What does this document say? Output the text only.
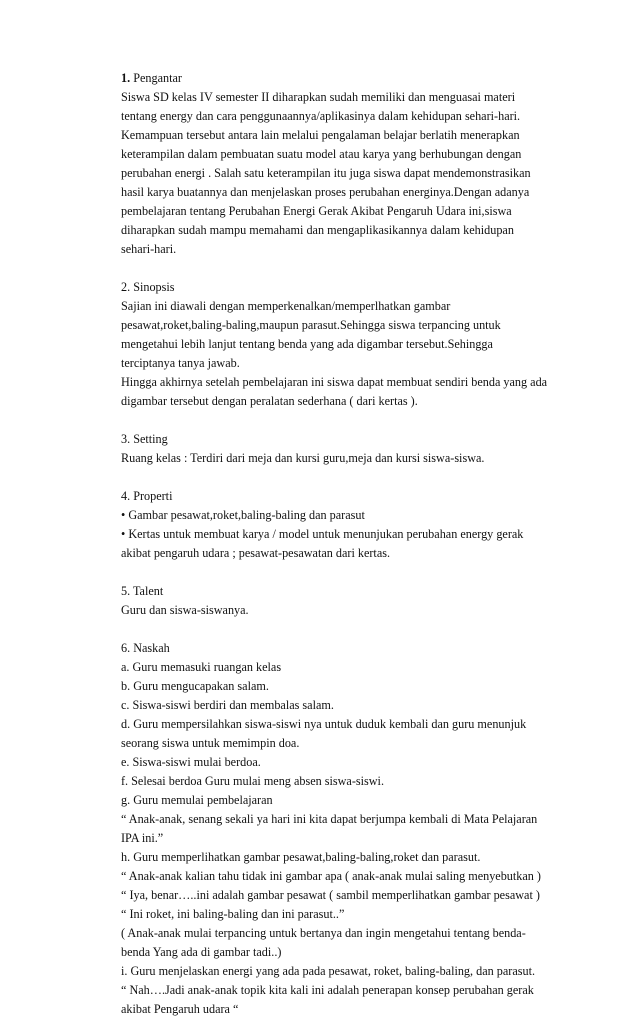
1. Pengantar
Siswa SD kelas IV semester II diharapkan sudah memiliki dan menguasai materi
tentang energy dan cara penggunaannya/aplikasinya dalam kehidupan sehari-hari.
Kemampuan tersebut antara lain melalui pengalaman belajar berlatih menerapkan
keterampilan dalam pembuatan suatu model atau karya yang berhubungan dengan
perubahan energi . Salah satu keterampilan itu juga siswa dapat mendemonstrasikan
hasil karya buatannya dan menjelaskan proses perubahan energinya.Dengan adanya
pembelajaran tentang Perubahan Energi Gerak Akibat Pengaruh Udara ini,siswa
diharapkan sudah mampu memahami dan mengaplikasikannya dalam kehidupan
sehari-hari.
2. Sinopsis
Sajian ini diawali dengan memperkenalkan/memperlhatkan gambar
pesawat,roket,baling-baling,maupun parasut.Sehingga siswa terpancing untuk
mengetahui lebih lanjut tentang benda yang ada digambar tersebut.Sehingga
terciptanya tanya jawab.
Hingga akhirnya setelah pembelajaran ini siswa dapat membuat sendiri benda yang ada
digambar tersebut dengan peralatan sederhana ( dari kertas ).
3. Setting
Ruang kelas : Terdiri dari meja dan kursi guru,meja dan kursi siswa-siswa.
4. Properti
• Gambar pesawat,roket,baling-baling dan parasut
• Kertas untuk membuat karya / model untuk menunjukan perubahan energy gerak
akibat pengaruh udara ; pesawat-pesawatan dari kertas.
5. Talent
Guru dan siswa-siswanya.
6. Naskah
a. Guru memasuki ruangan kelas
b. Guru mengucapakan salam.
c. Siswa-siswi berdiri dan membalas salam.
d. Guru mempersilahkan siswa-siswi nya untuk duduk kembali dan guru menunjuk
seorang siswa untuk memimpin doa.
e. Siswa-siswi mulai berdoa.
f. Selesai berdoa Guru mulai meng absen siswa-siswi.
g. Guru memulai pembelajaran
“ Anak-anak, senang sekali ya hari ini kita dapat berjumpa kembali di Mata Pelajaran
IPA ini.”
h. Guru memperlihatkan gambar pesawat,baling-baling,roket dan parasut.
“ Anak-anak kalian tahu tidak ini gambar apa ( anak-anak mulai saling menyebutkan )
“ Iya, benar…..ini adalah gambar pesawat ( sambil memperlihatkan gambar pesawat )
“ Ini roket, ini baling-baling dan ini parasut..”
( Anak-anak mulai terpancing untuk bertanya dan ingin mengetahui tentang benda-
benda Yang ada di gambar tadi..)
i. Guru menjelaskan energi yang ada pada pesawat, roket, baling-baling, dan parasut.
“ Nah….Jadi anak-anak topik kita kali ini adalah penerapan konsep perubahan gerak
akibat Pengaruh udara “
